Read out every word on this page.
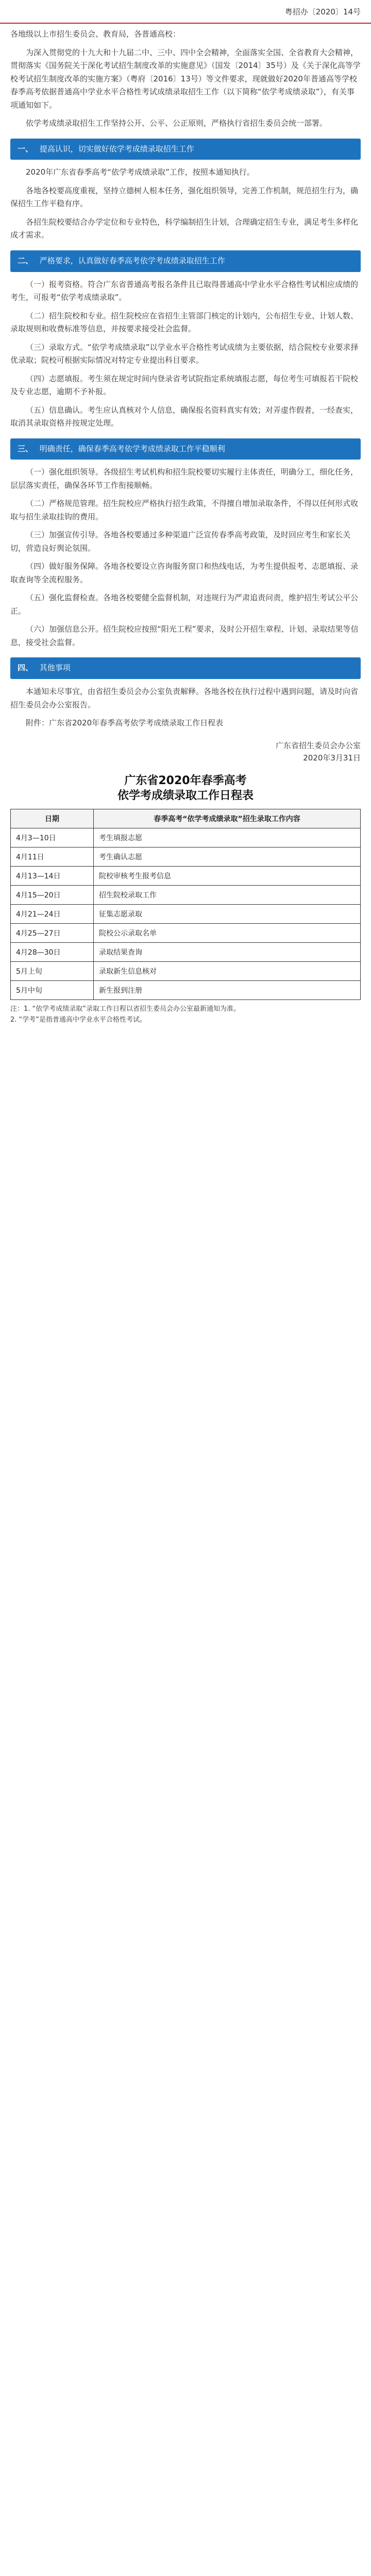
粤招办〔2020〕14号

各地级以上市招生委员会、教育局，各普通高校：

为深入贯彻党的十九大和十九届二中、三中、四中全会精神，全面落实全国、全省教育大会精神，贯彻落实《国务院关于深化考试招生制度改革的实施意见》（国发〔2014〕35号）及《关于深化高等学校考试招生制度改革的实施方案》（粤府〔2016〕13号）等文件要求，现就做好2020年普通高等学校春季高考依据普通高中学业水平合格性考试成绩录取招生工作（以下简称“依学考成绩录取”），有关事项通知如下。

依学考成绩录取招生工作坚持公开、公平、公正原则，严格执行省招生委员会统一部署。

一、 提高认识，切实做好依学考成绩录取招生工作

2020年广东省春季高考“依学考成绩录取”工作，按照本通知执行。

各地各校要高度重视，坚持立德树人根本任务，强化组织领导，完善工作机制，规范招生行为，确保招生工作平稳有序。

各招生院校要结合办学定位和专业特色，科学编制招生计划，合理确定招生专业，满足考生多样化成才需求。

二、 严格要求，认真做好春季高考依学考成绩录取招生工作

（一）报考资格。符合广东省普通高考报名条件且已取得普通高中学业水平合格性考试相应成绩的考生，可报考“依学考成绩录取”。

（二）招生院校和专业。招生院校应在省招生主管部门核定的计划内，公布招生专业、计划人数、录取规则和收费标准等信息，并按要求接受社会监督。

（三）录取方式。“依学考成绩录取”以学业水平合格性考试成绩为主要依据，结合院校专业要求择优录取；院校可根据实际情况对特定专业提出科目要求。

（四）志愿填报。考生须在规定时间内登录省考试院指定系统填报志愿，每位考生可填报若干院校及专业志愿，逾期不予补报。

（五）信息确认。考生应认真核对个人信息，确保报名资料真实有效；对弄虚作假者，一经查实，取消其录取资格并按规定处理。

三、 明确责任，确保春季高考依学考成绩录取工作平稳顺利

（一）强化组织领导。各级招生考试机构和招生院校要切实履行主体责任，明确分工，细化任务，层层落实责任，确保各环节工作衔接顺畅。

（二）严格规范管理。招生院校应严格执行招生政策，不得擅自增加录取条件，不得以任何形式收取与招生录取挂钩的费用。

（三）加强宣传引导。各地各校要通过多种渠道广泛宣传春季高考政策，及时回应考生和家长关切，营造良好舆论氛围。

（四）做好服务保障。各地各校要设立咨询服务窗口和热线电话，为考生提供报考、志愿填报、录取查询等全流程服务。

（五）强化监督检查。各地各校要健全监督机制，对违规行为严肃追责问责，维护招生考试公平公正。

（六）加强信息公开。招生院校应按照“阳光工程”要求，及时公开招生章程、计划、录取结果等信息，接受社会监督。

四、 其他事项

本通知未尽事宜，由省招生委员会办公室负责解释。各地各校在执行过程中遇到问题，请及时向省招生委员会办公室报告。

附件：广东省2020年春季高考依学考成绩录取工作日程表

广东省招生委员会办公室
2020年3月31日
广东省2020年春季高考
依学考成绩录取工作日程表
日期	春季高考“依学考成绩录取”招生录取工作内容
4月3—10日	考生填报志愿
4月11日	考生确认志愿
4月13—14日	院校审核考生报考信息
4月15—20日	招生院校录取工作
4月21—24日	征集志愿录取
4月25—27日	院校公示录取名单
4月28—30日	录取结果查询
5月上旬	录取新生信息核对
5月中旬	新生报到注册
注：1. “依学考成绩录取”录取工作日程以省招生委员会办公室最新通知为准。
2. “学考”是指普通高中学业水平合格性考试。
